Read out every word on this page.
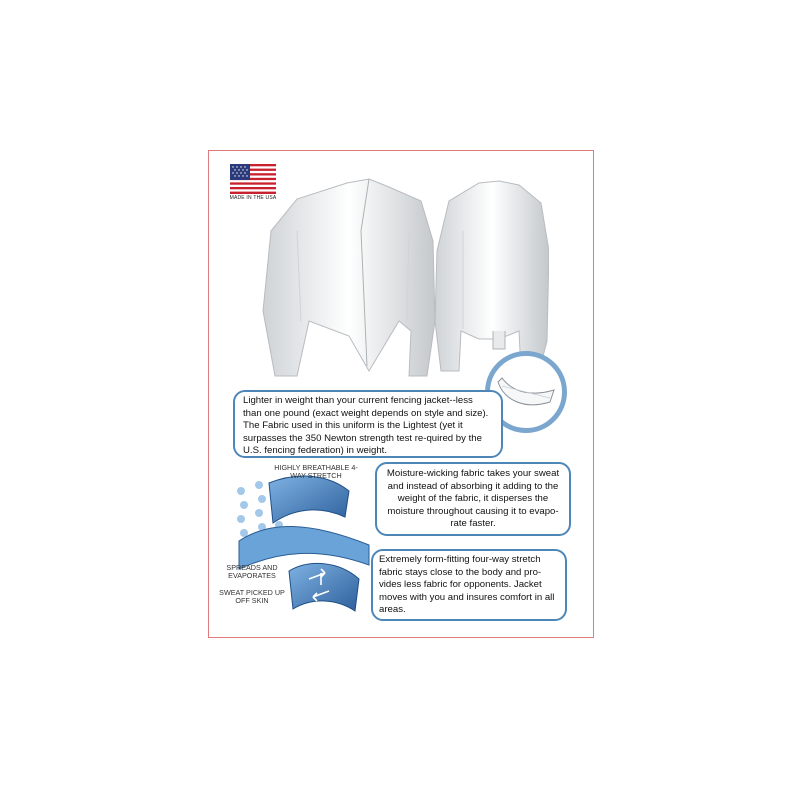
MADE IN THE USA
Lighter in weight than your current fencing jacket--less than one pound (exact weight depends on style and size). The Fabric used in this uniform is the Lightest (yet it surpasses the 350 Newton strength test re-quired by the U.S. fencing federation) in weight.
HIGHLY BREATHABLE 4-WAY STRETCH
SPREADS AND EVAPORATES
SWEAT PICKED UP OFF SKIN
Moisture-wicking fabric takes your sweat and instead of absorbing it adding to the weight of the fabric, it disperses the moisture throughout causing it to evapo-rate faster.
Extremely form-fitting four-way stretch fabric stays close to the body and pro-vides less fabric for opponents. Jacket moves with you and insures comfort in all areas.
